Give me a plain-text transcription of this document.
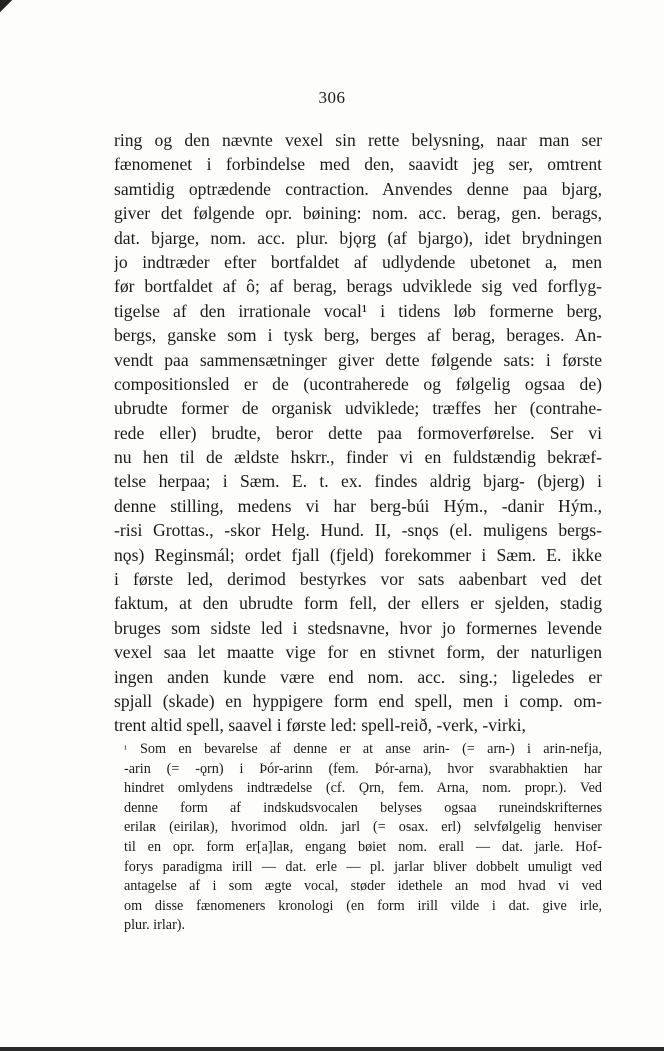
306
ring og den nævnte vexel sin rette belysning, naar man ser
fænomenet i forbindelse med den, saavidt jeg ser, omtrent
samtidig optrædende contraction. Anvendes denne paa bjarg,
giver det følgende opr. bøining: nom. acc. berag, gen. berags,
dat. bjarge, nom. acc. plur. bjǫrg (af bjargo), idet brydningen
jo indtræder efter bortfaldet af udlydende ubetonet a, men
før bortfaldet af ô; af berag, berags udviklede sig ved forflyg-
tigelse af den irrationale vocal¹ i tidens løb formerne berg,
bergs, ganske som i tysk berg, berges af berag, berages. An-
vendt paa sammensætninger giver dette følgende sats: i første
compositionsled er de (ucontraherede og følgelig ogsaa de)
ubrudte former de organisk udviklede; træffes her (contrahe-
rede eller) brudte, beror dette paa formoverførelse. Ser vi
nu hen til de ældste hskrr., finder vi en fuldstændig bekræf-
telse herpaa; i Sæm. E. t. ex. findes aldrig bjarg- (bjerg) i
denne stilling, medens vi har berg-búi Hým., -danir Hým.,
-risi Grottas., -skor Helg. Hund. II, -snǫs (el. muligens bergs-
nǫs) Reginsmál; ordet fjall (fjeld) forekommer i Sæm. E. ikke
i første led, derimod bestyrkes vor sats aabenbart ved det
faktum, at den ubrudte form fell, der ellers er sjelden, stadig
bruges som sidste led i stedsnavne, hvor jo formernes levende
vexel saa let maatte vige for en stivnet form, der naturligen
ingen anden kunde være end nom. acc. sing.; ligeledes er
spjall (skade) en hyppigere form end spell, men i comp. om-
trent altid spell, saavel i første led: spell-reið, -verk, -virki,
¹ Som en bevarelse af denne er at anse arin- (= arn-) i arin-nefja,
-arin (= -ǫrn) i Þór-arinn (fem. Þór-arna), hvor svarabhaktien har
hindret omlydens indtrædelse (cf. Ǫrn, fem. Arna, nom. propr.). Ved
denne form af indskudsvocalen belyses ogsaa runeindskrifternes
erilaʀ (eirilaʀ), hvorimod oldn. jarl (= osax. erl) selvfølgelig henviser
til en opr. form er[a]laʀ, engang bøiet nom. erall — dat. jarle. Hof-
forys paradigma irill — dat. erle — pl. jarlar bliver dobbelt umuligt ved
antagelse af i som ægte vocal, støder idethele an mod hvad vi ved
om disse fænomeners kronologi (en form irill vilde i dat. give irle,
plur. irlar).
